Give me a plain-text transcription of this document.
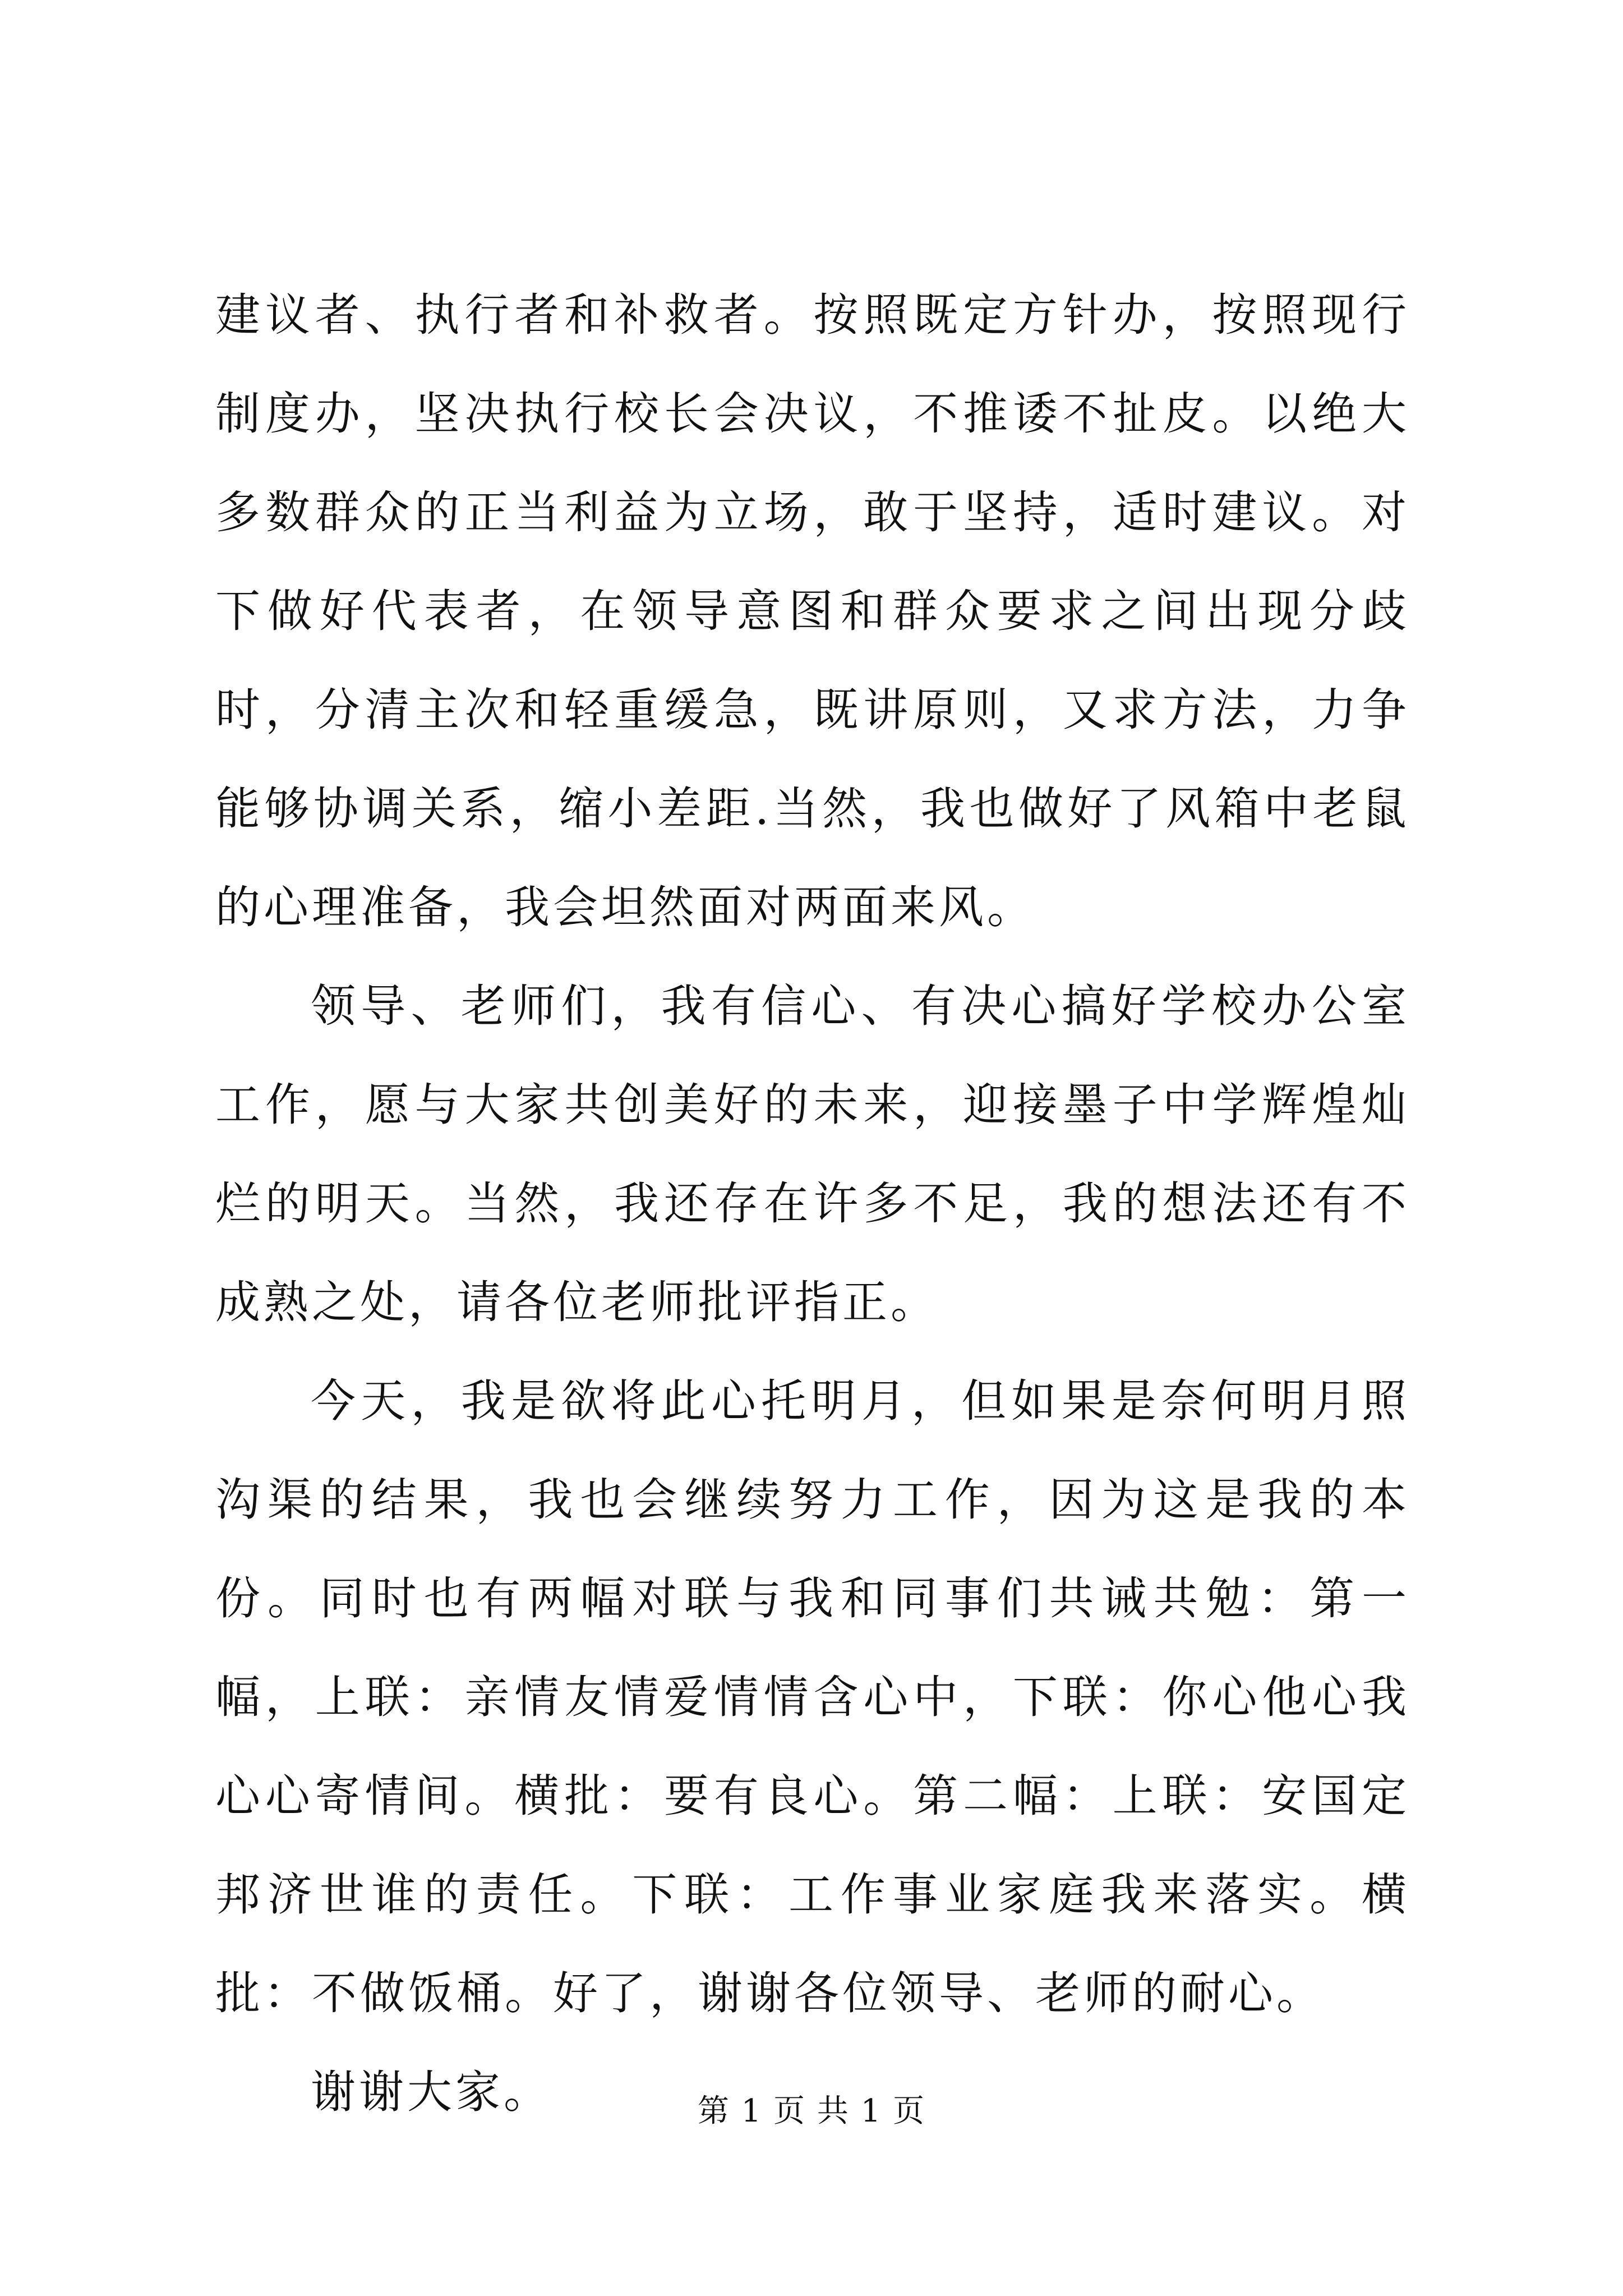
建议者、执行者和补救者。按照既定方针办，按照现行制度办，坚决执行校长会决议，不推诿不扯皮。以绝大多数群众的正当利益为立场，敢于坚持，适时建议。对下做好代表者，在领导意图和群众要求之间出现分歧时，分清主次和轻重缓急，既讲原则，又求方法，力争能够协调关系，缩小差距.当然，我也做好了风箱中老鼠的心理准备，我会坦然面对两面来风。

领导、老师们，我有信心、有决心搞好学校办公室工作，愿与大家共创美好的未来，迎接墨子中学辉煌灿烂的明天。当然，我还存在许多不足，我的想法还有不成熟之处，请各位老师批评指正。

今天，我是欲将此心托明月，但如果是奈何明月照沟渠的结果，我也会继续努力工作，因为这是我的本份。同时也有两幅对联与我和同事们共诫共勉：第一幅，上联：亲情友情爱情情含心中，下联：你心他心我心心寄情间。横批：要有良心。第二幅：上联：安国定邦济世谁的责任。下联：工作事业家庭我来落实。横批：不做饭桶。好了，谢谢各位领导、老师的耐心。

谢谢大家。	第 1 页 共 1 页
